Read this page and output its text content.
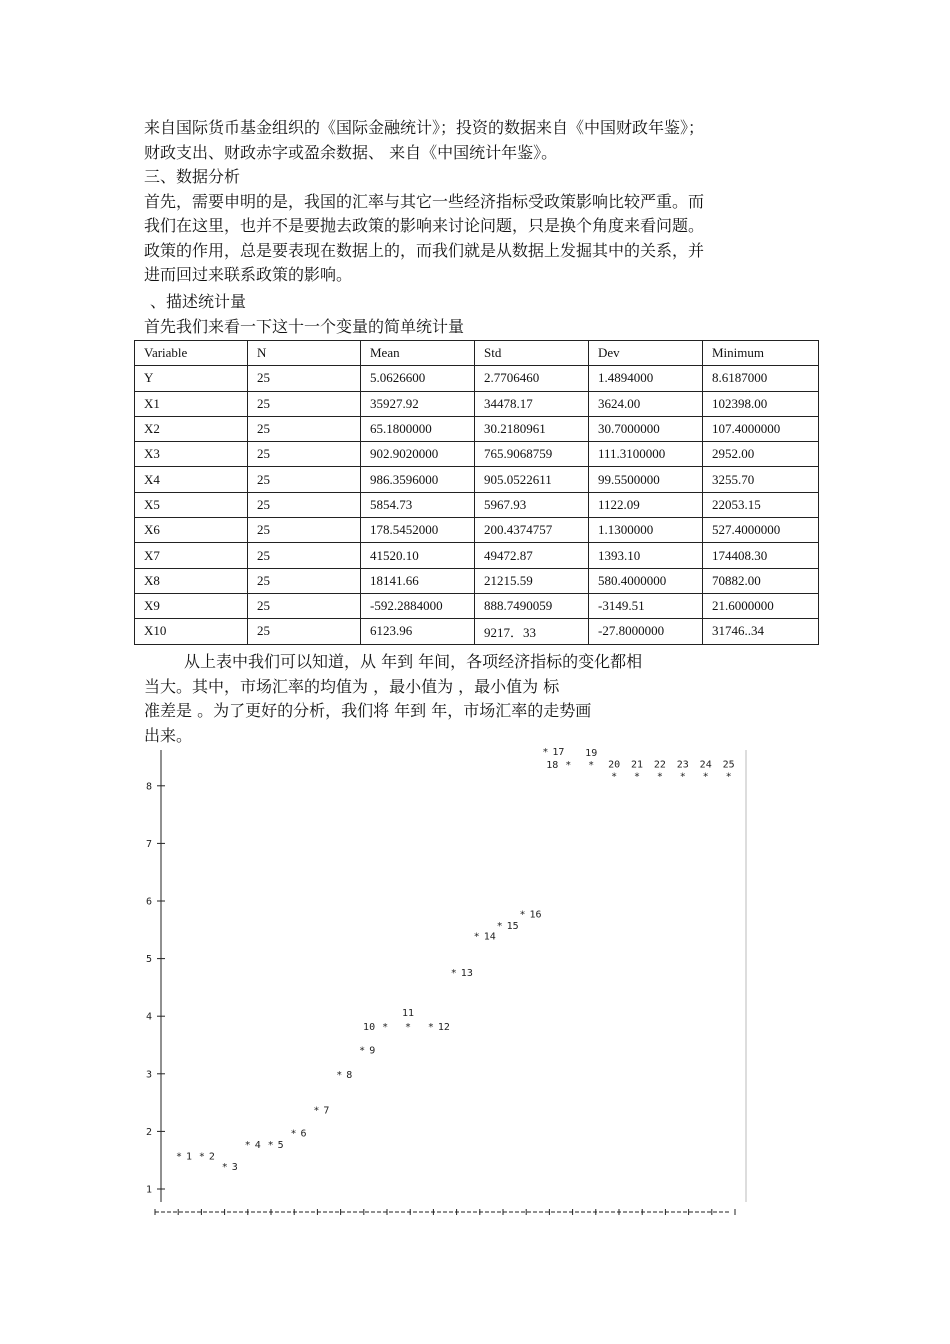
来自国际货币基金组织的《国际金融统计》；投资的数据来自《中国财政年鉴》；

财政支出、财政赤字或盈余数据、 来自《中国统计年鉴》。

三、数据分析

首先，需要申明的是，我国的汇率与其它一些经济指标受政策影响比较严重。而

我们在这里，也并不是要抛去政策的影响来讨论问题，只是换个角度来看问题。

政策的作用，总是要表现在数据上的，而我们就是从数据上发掘其中的关系，并

进而回过来联系政策的影响。

、描述统计量

首先我们来看一下这十一个变量的简单统计量

Variable	N	Mean	Std	Dev	Minimum
Y	25	5.0626600	2.7706460	1.4894000	8.6187000
X1	25	35927.92	34478.17	3624.00	102398.00
X2	25	65.1800000	30.2180961	30.7000000	107.4000000
X3	25	902.9020000	765.9068759	111.3100000	2952.00
X4	25	986.3596000	905.0522611	99.5500000	3255.70
X5	25	5854.73	5967.93	1122.09	22053.15
X6	25	178.5452000	200.4374757	1.1300000	527.4000000
X7	25	41520.10	49472.87	1393.10	174408.30
X8	25	18141.66	21215.59	580.4000000	70882.00
X9	25	-592.2884000	888.7490059	-3149.51	21.6000000
X10	25	6123.96	9217．33	-27.8000000	31746..34

从上表中我们可以知道，从 年到 年间，各项经济指标的变化都相

当大。其中，市场汇率的均值为 ，最小值为 ，最小值为 标

准差是 。为了更好的分析，我们将 年到 年，市场汇率的走势画

出来。

1
2
3
4
5
6
7
8
* 1 * 2
* 3
* 4 * 5
* 6
* 7
* 8
* 9
*
10	*
11
* 12
* 13
* 14
* 15
* 16
* 17
*
18	*
19
*
20
*
21
*
22
*
23
*
24
*
25
